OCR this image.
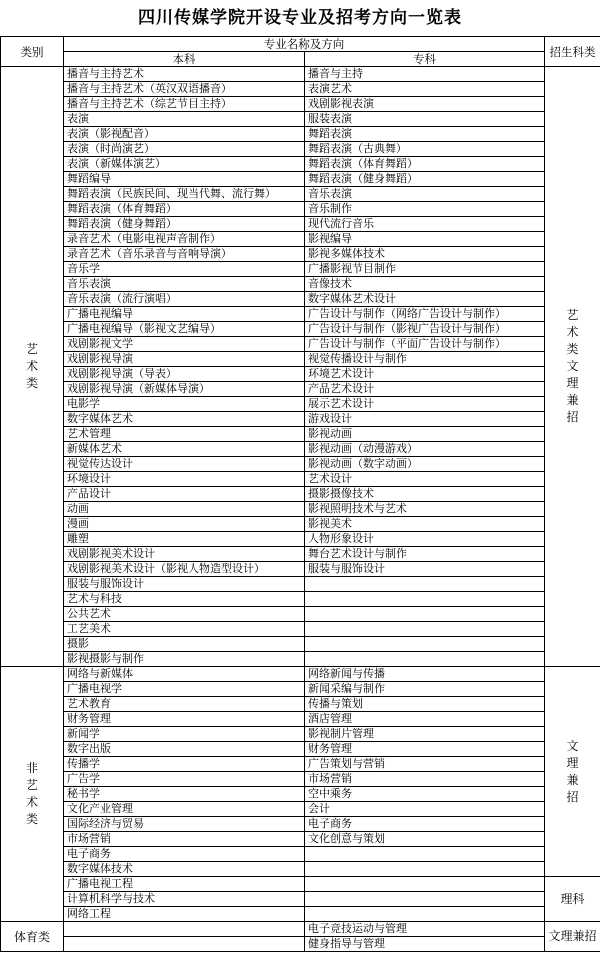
四川传媒学院开设专业及招考方向一览表
类别	专业名称及方向		招生科类
	本科	专科	
艺术类	播音与主持艺术	播音与主持	艺术类文理兼招
	播音与主持艺术（英汉双语播音）	表演艺术	
	播音与主持艺术（综艺节目主持）	戏剧影视表演	
	表演	服装表演	
	表演（影视配音）	舞蹈表演	
	表演（时尚演艺）	舞蹈表演（古典舞）	
	表演（新媒体演艺）	舞蹈表演（体育舞蹈）	
	舞蹈编导	舞蹈表演（健身舞蹈）	
	舞蹈表演（民族民间、现当代舞、流行舞）	音乐表演	
	舞蹈表演（体育舞蹈）	音乐制作	
	舞蹈表演（健身舞蹈）	现代流行音乐	
	录音艺术（电影电视声音制作）	影视编导	
	录音艺术（音乐录音与音响导演）	影视多媒体技术	
	音乐学	广播影视节目制作	
	音乐表演	音像技术	
	音乐表演（流行演唱）	数字媒体艺术设计	
	广播电视编导	广告设计与制作（网络广告设计与制作）	
	广播电视编导（影视文艺编导）	广告设计与制作（影视广告设计与制作）	
	戏剧影视文学	广告设计与制作（平面广告设计与制作）	
	戏剧影视导演	视觉传播设计与制作	
	戏剧影视导演（导表）	环境艺术设计	
	戏剧影视导演（新媒体导演）	产品艺术设计	
	电影学	展示艺术设计	
	数字媒体艺术	游戏设计	
	艺术管理	影视动画	
	新媒体艺术	影视动画（动漫游戏）	
	视觉传达设计	影视动画（数字动画）	
	环境设计	艺术设计	
	产品设计	摄影摄像技术	
	动画	影视照明技术与艺术	
	漫画	影视美术	
	雕塑	人物形象设计	
	戏剧影视美术设计	舞台艺术设计与制作	
	戏剧影视美术设计（影视人物造型设计）	服装与服饰设计	
	服装与服饰设计		
	艺术与科技		
	公共艺术		
	工艺美术		
	摄影		
	影视摄影与制作		
非艺术类	网络与新媒体	网络新闻与传播	文理兼招
	广播电视学	新闻采编与制作	
	艺术教育	传播与策划	
	财务管理	酒店管理	
	新闻学	影视制片管理	
	数字出版	财务管理	
	传播学	广告策划与营销	
	广告学	市场营销	
	秘书学	空中乘务	
	文化产业管理	会计	
	国际经济与贸易	电子商务	
	市场营销	文化创意与策划	
	电子商务		
	数字媒体技术		
	广播电视工程		理科
	计算机科学与技术		
	网络工程		
体育类		电子竞技运动与管理	文理兼招
		健身指导与管理	
